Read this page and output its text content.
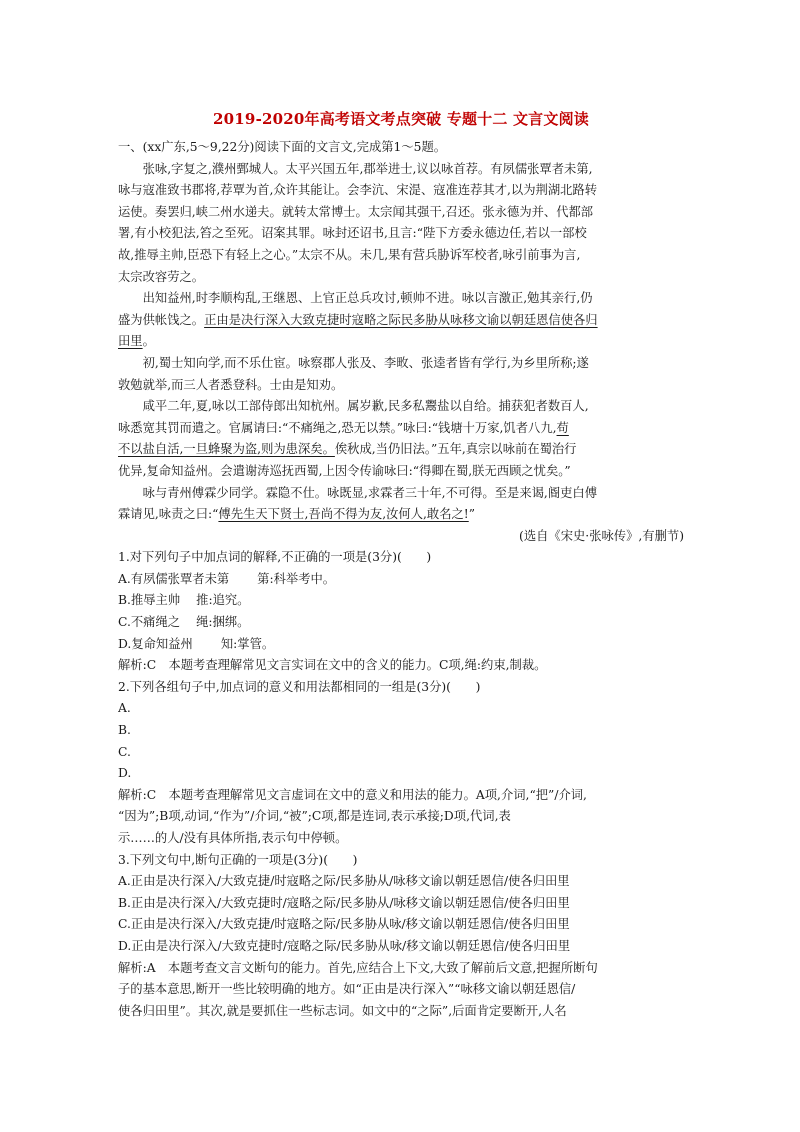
2019-2020年高考语文考点突破 专题十二 文言文阅读

一、(xx广东,5～9,22分)阅读下面的文言文,完成第1～5题。

张咏,字复之,濮州鄄城人。太平兴国五年,郡举进士,议以咏首荐。有夙儒张覃者未第,

咏与寇准致书郡将,荐覃为首,众许其能让。会李沆、宋湜、寇准连荐其才,以为荆湖北路转

运使。奏罢归,峡二州水递夫。就转太常博士。太宗闻其强干,召还。张永德为并、代都部

署,有小校犯法,笞之至死。诏案其罪。咏封还诏书,且言:“陛下方委永德边任,若以一部校

故,推辱主帅,臣恐下有轻上之心。”太宗不从。未几,果有营兵胁诉军校者,咏引前事为言,

太宗改容劳之。

出知益州,时李顺构乱,王继恩、上官正总兵攻讨,顿帅不进。咏以言激正,勉其亲行,仍

盛为供帐饯之。正由是决行深入大致克捷时寇略之际民多胁从咏移文谕以朝廷恩信使各归

田里。

初,蜀士知向学,而不乐仕宦。咏察郡人张及、李畋、张逵者皆有学行,为乡里所称;遂

敦勉就举,而三人者悉登科。士由是知劝。

咸平二年,夏,咏以工部侍郎出知杭州。属岁歉,民多私鬻盐以自给。捕获犯者数百人,

咏悉宽其罚而遣之。官属请曰:“不痛绳之,恐无以禁。”咏曰:“钱塘十万家,饥者八九,苟

不以盐自活,一旦蜂聚为盗,则为患深矣。俟秋成,当仍旧法。”五年,真宗以咏前在蜀治行

优异,复命知益州。会遣谢涛巡抚西蜀,上因令传谕咏曰:“得卿在蜀,朕无西顾之忧矣。”

咏与青州傅霖少同学。霖隐不仕。咏既显,求霖者三十年,不可得。至是来谒,阍吏白傅

霖请见,咏责之曰:“傅先生天下贤士,吾尚不得为友,汝何人,敢名之!”

(选自《宋史·张咏传》,有删节)

1.对下列句子中加点词的解释,不正确的一项是(3分)(　　)

A.有夙儒张覃者未第 第:科举考中。

B.推辱主帅 推:追究。

C.不痛绳之 绳:捆绑。

D.复命知益州 知:掌管。

解析:C　本题考查理解常见文言实词在文中的含义的能力。C项,绳:约束,制裁。

2.下列各组句子中,加点词的意义和用法都相同的一组是(3分)(　　)

A.

B.

C.

D.

解析:C　本题考查理解常见文言虚词在文中的意义和用法的能力。A项,介词,“把”/介词,

“因为”;B项,动词,“作为”/介词,“被”;C项,都是连词,表示承接;D项,代词,表

示……的人/没有具体所指,表示句中停顿。

3.下列文句中,断句正确的一项是(3分)(　　)

A.正由是决行深入/大致克捷/时寇略之际/民多胁从/咏移文谕以朝廷恩信/使各归田里

B.正由是决行深入/大致克捷时/寇略之际/民多胁从/咏移文谕以朝廷恩信/使各归田里

C.正由是决行深入/大致克捷/时寇略之际/民多胁从咏/移文谕以朝廷恩信/使各归田里

D.正由是决行深入/大致克捷时/寇略之际/民多胁从咏/移文谕以朝廷恩信/使各归田里

解析:A　本题考查文言文断句的能力。首先,应结合上下文,大致了解前后文意,把握所断句

子的基本意思,断开一些比较明确的地方。如“正由是决行深入”“咏移文谕以朝廷恩信/

使各归田里”。其次,就是要抓住一些标志词。如文中的“之际”,后面肯定要断开,人名
